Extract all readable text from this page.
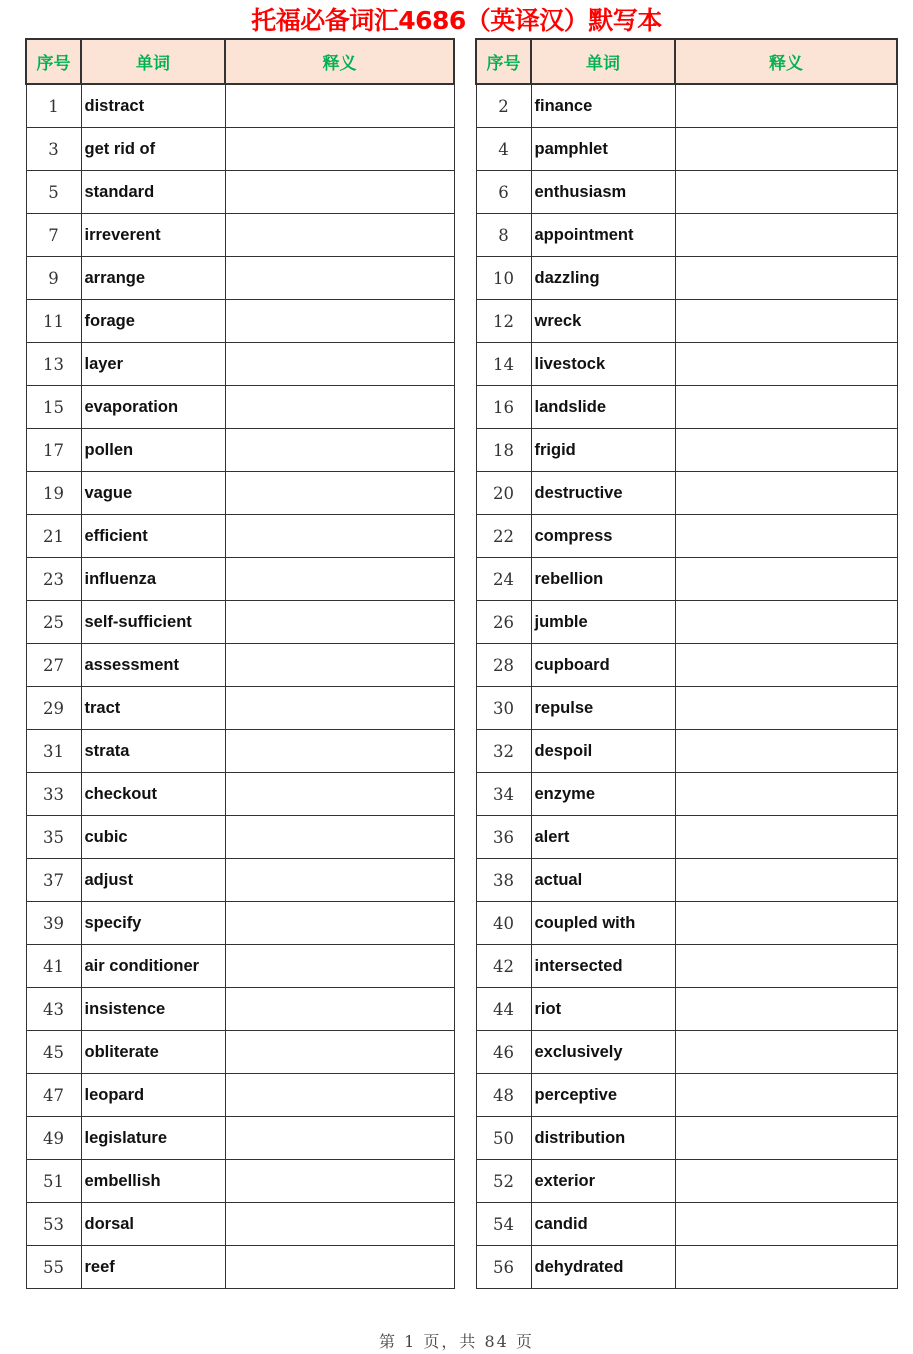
托福必备词汇4686（英译汉）默写本
序号	单词	释义
1	distract	
3	get rid of	
5	standard	
7	irreverent	
9	arrange	
11	forage	
13	layer	
15	evaporation	
17	pollen	
19	vague	
21	efficient	
23	influenza	
25	self-sufficient	
27	assessment	
29	tract	
31	strata	
33	checkout	
35	cubic	
37	adjust	
39	specify	
41	air conditioner	
43	insistence	
45	obliterate	
47	leopard	
49	legislature	
51	embellish	
53	dorsal	
55	reef	
序号	单词	释义
2	finance	
4	pamphlet	
6	enthusiasm	
8	appointment	
10	dazzling	
12	wreck	
14	livestock	
16	landslide	
18	frigid	
20	destructive	
22	compress	
24	rebellion	
26	jumble	
28	cupboard	
30	repulse	
32	despoil	
34	enzyme	
36	alert	
38	actual	
40	coupled with	
42	intersected	
44	riot	
46	exclusively	
48	perceptive	
50	distribution	
52	exterior	
54	candid	
56	dehydrated	
第 1 页，共 84 页
